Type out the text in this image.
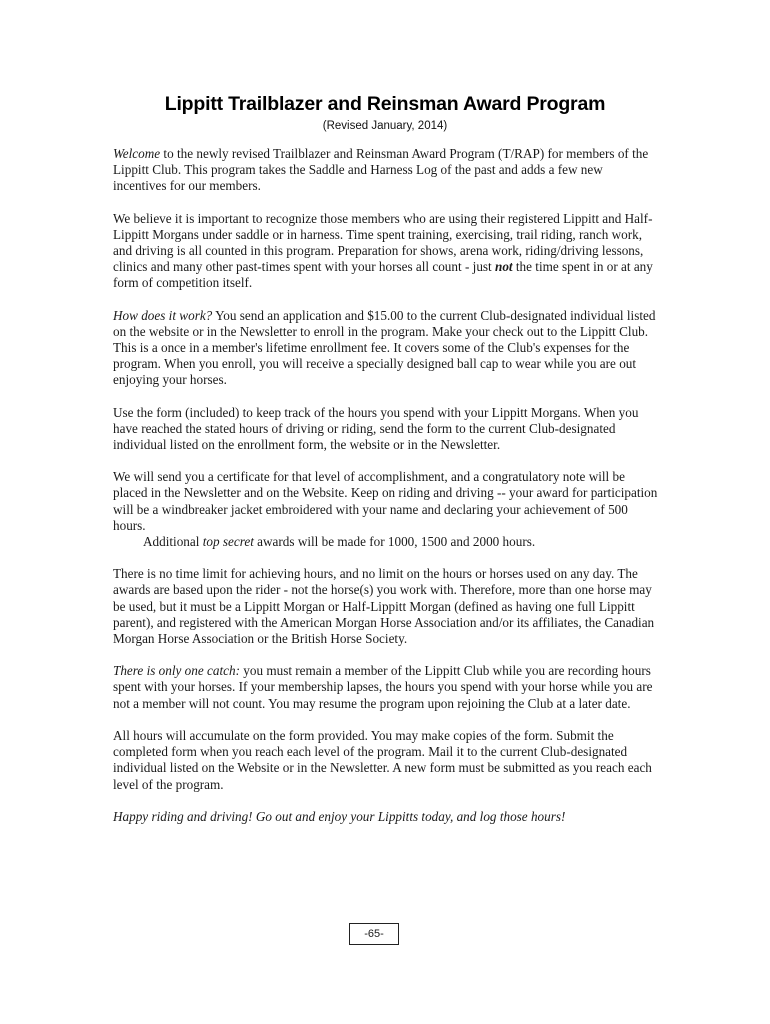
Lippitt Trailblazer and Reinsman Award Program
(Revised January, 2014)

Welcome to the newly revised Trailblazer and Reinsman Award Program (T/RAP) for members of the Lippitt Club. This program takes the Saddle and Harness Log of the past and adds a few new incentives for our members.

We believe it is important to recognize those members who are using their registered Lippitt and Half-Lippitt Morgans under saddle or in harness. Time spent training, exercising, trail riding, ranch work, and driving is all counted in this program. Preparation for shows, arena work, riding/driving lessons, clinics and many other past-times spent with your horses all count - just not the time spent in or at any form of competition itself.

How does it work? You send an application and $15.00 to the current Club-designated individual listed on the website or in the Newsletter to enroll in the program. Make your check out to the Lippitt Club. This is a once in a member's lifetime enrollment fee. It covers some of the Club's expenses for the program. When you enroll, you will receive a specially designed ball cap to wear while you are out enjoying your horses.

Use the form (included) to keep track of the hours you spend with your Lippitt Morgans. When you have reached the stated hours of driving or riding, send the form to the current Club-designated individual listed on the enrollment form, the website or in the Newsletter.

We will send you a certificate for that level of accomplishment, and a congratulatory note will be placed in the Newsletter and on the Website. Keep on riding and driving -- your award for participation will be a windbreaker jacket embroidered with your name and declaring your achievement of 500 hours.

Additional top secret awards will be made for 1000, 1500 and 2000 hours.

There is no time limit for achieving hours, and no limit on the hours or horses used on any day. The awards are based upon the rider - not the horse(s) you work with. Therefore, more than one horse may be used, but it must be a Lippitt Morgan or Half-Lippitt Morgan (defined as having one full Lippitt parent), and registered with the American Morgan Horse Association and/or its affiliates, the Canadian Morgan Horse Association or the British Horse Society.

There is only one catch: you must remain a member of the Lippitt Club while you are recording hours spent with your horses. If your membership lapses, the hours you spend with your horse while you are not a member will not count. You may resume the program upon rejoining the Club at a later date.

All hours will accumulate on the form provided. You may make copies of the form. Submit the completed form when you reach each level of the program. Mail it to the current Club-designated individual listed on the Website or in the Newsletter. A new form must be submitted as you reach each level of the program.

Happy riding and driving! Go out and enjoy your Lippitts today, and log those hours!

-65-
